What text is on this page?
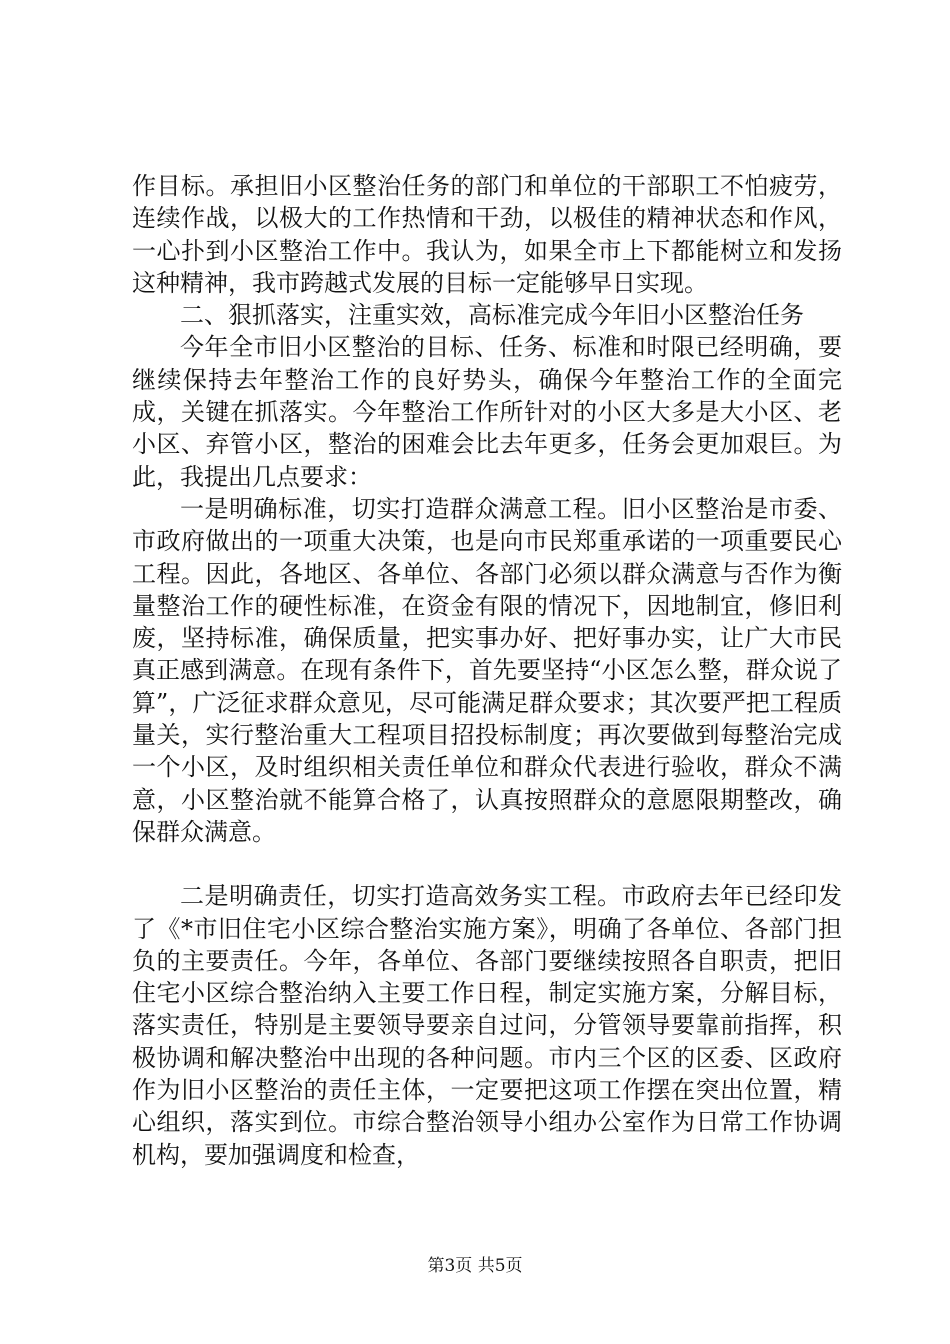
作目标。承担旧小区整治任务的部门和单位的干部职工不怕疲劳，连续作战，以极大的工作热情和干劲，以极佳的精神状态和作风，一心扑到小区整治工作中。我认为，如果全市上下都能树立和发扬这种精神，我市跨越式发展的目标一定能够早日实现。

二、狠抓落实，注重实效，高标准完成今年旧小区整治任务

今年全市旧小区整治的目标、任务、标准和时限已经明确，要继续保持去年整治工作的良好势头，确保今年整治工作的全面完成，关键在抓落实。今年整治工作所针对的小区大多是大小区、老小区、弃管小区，整治的困难会比去年更多，任务会更加艰巨。为此，我提出几点要求：

一是明确标准，切实打造群众满意工程。旧小区整治是市委、市政府做出的一项重大决策，也是向市民郑重承诺的一项重要民心工程。因此，各地区、各单位、各部门必须以群众满意与否作为衡量整治工作的硬性标准，在资金有限的情况下，因地制宜，修旧利废，坚持标准，确保质量，把实事办好、把好事办实，让广大市民真正感到满意。在现有条件下，首先要坚持“小区怎么整，群众说了算”，广泛征求群众意见，尽可能满足群众要求；其次要严把工程质量关，实行整治重大工程项目招投标制度；再次要做到每整治完成一个小区，及时组织相关责任单位和群众代表进行验收，群众不满意，小区整治就不能算合格了，认真按照群众的意愿限期整改，确保群众满意。

二是明确责任，切实打造高效务实工程。市政府去年已经印发了《*市旧住宅小区综合整治实施方案》，明确了各单位、各部门担负的主要责任。今年，各单位、各部门要继续按照各自职责，把旧住宅小区综合整治纳入主要工作日程，制定实施方案，分解目标，落实责任，特别是主要领导要亲自过问，分管领导要靠前指挥，积极协调和解决整治中出现的各种问题。市内三个区的区委、区政府作为旧小区整治的责任主体，一定要把这项工作摆在突出位置，精心组织，落实到位。市综合整治领导小组办公室作为日常工作协调机构，要加强调度和检查，

第3页 共5页
